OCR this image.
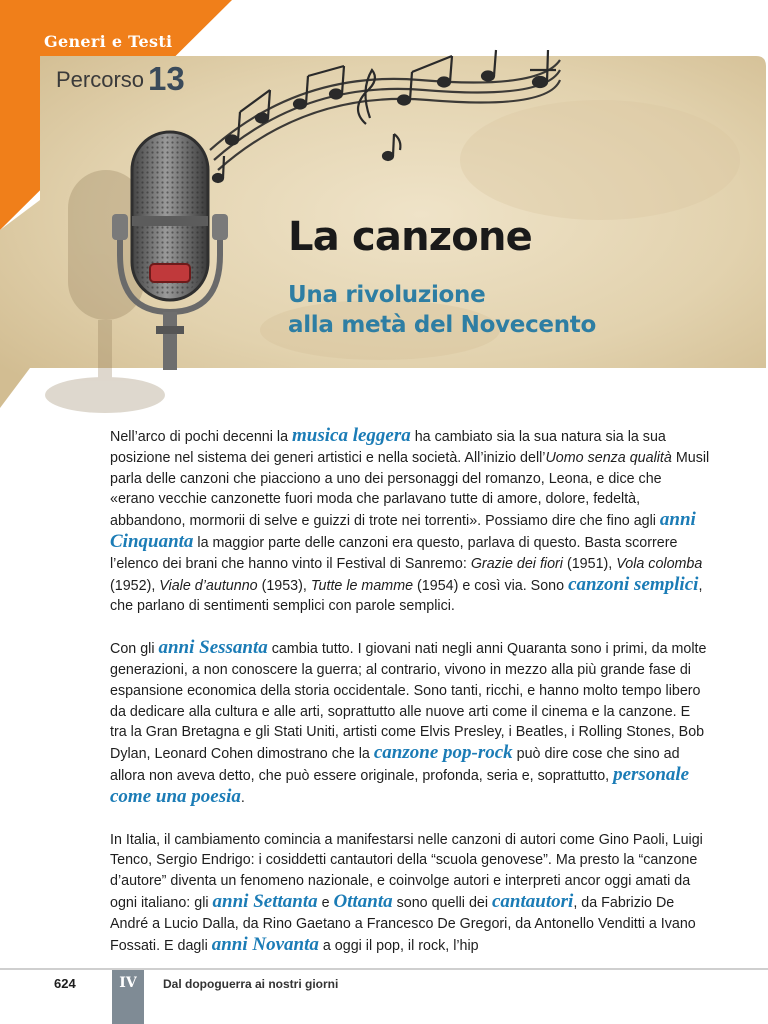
Generi e Testi
Percorso 13
La canzone
Una rivoluzione
alla metà del Novecento

Nell’arco di pochi decenni la musica leggera ha cambiato sia la sua natura sia la sua posizione nel sistema dei generi artistici e nella società. All’inizio dell’Uomo senza qualità Musil parla delle canzoni che piacciono a uno dei personaggi del romanzo, Leona, e dice che «erano vecchie canzonette fuori moda che parlavano tutte di amore, dolore, fedeltà, abbandono, mormorii di selve e guizzi di trote nei torrenti». Possiamo dire che fino agli anni Cinquanta la maggior parte delle canzoni era questo, parlava di questo. Basta scorrere l’elenco dei brani che hanno vinto il Festival di Sanremo: Grazie dei fiori (1951), Vola colomba (1952), Viale d’autunno (1953), Tutte le mamme (1954) e così via. Sono canzoni semplici, che parlano di sentimenti semplici con parole semplici.

Con gli anni Sessanta cambia tutto. I giovani nati negli anni Quaranta sono i primi, da molte generazioni, a non conoscere la guerra; al contrario, vivono in mezzo alla più grande fase di espansione economica della storia occidentale. Sono tanti, ricchi, e hanno molto tempo libero da dedicare alla cultura e alle arti, soprattutto alle nuove arti come il cinema e la canzone. E tra la Gran Bretagna e gli Stati Uniti, artisti come Elvis Presley, i Beatles, i Rolling Stones, Bob Dylan, Leonard Cohen dimostrano che la canzone pop-rock può dire cose che sino ad allora non aveva detto, che può essere originale, profonda, seria e, soprattutto, personale come una poesia.

In Italia, il cambiamento comincia a manifestarsi nelle canzoni di autori come Gino Paoli, Luigi Tenco, Sergio Endrigo: i cosiddetti cantautori della “scuola genovese”. Ma presto la “canzone d’autore” diventa un fenomeno nazionale, e coinvolge autori e interpreti ancor oggi amati da ogni italiano: gli anni Settanta e Ottanta sono quelli dei cantautori, da Fabrizio De André a Lucio Dalla, da Rino Gaetano a Francesco De Gregori, da Antonello Venditti a Ivano Fossati. E dagli anni Novanta a oggi il pop, il rock, l’hip

624	IV	Dal dopoguerra ai nostri giorni
